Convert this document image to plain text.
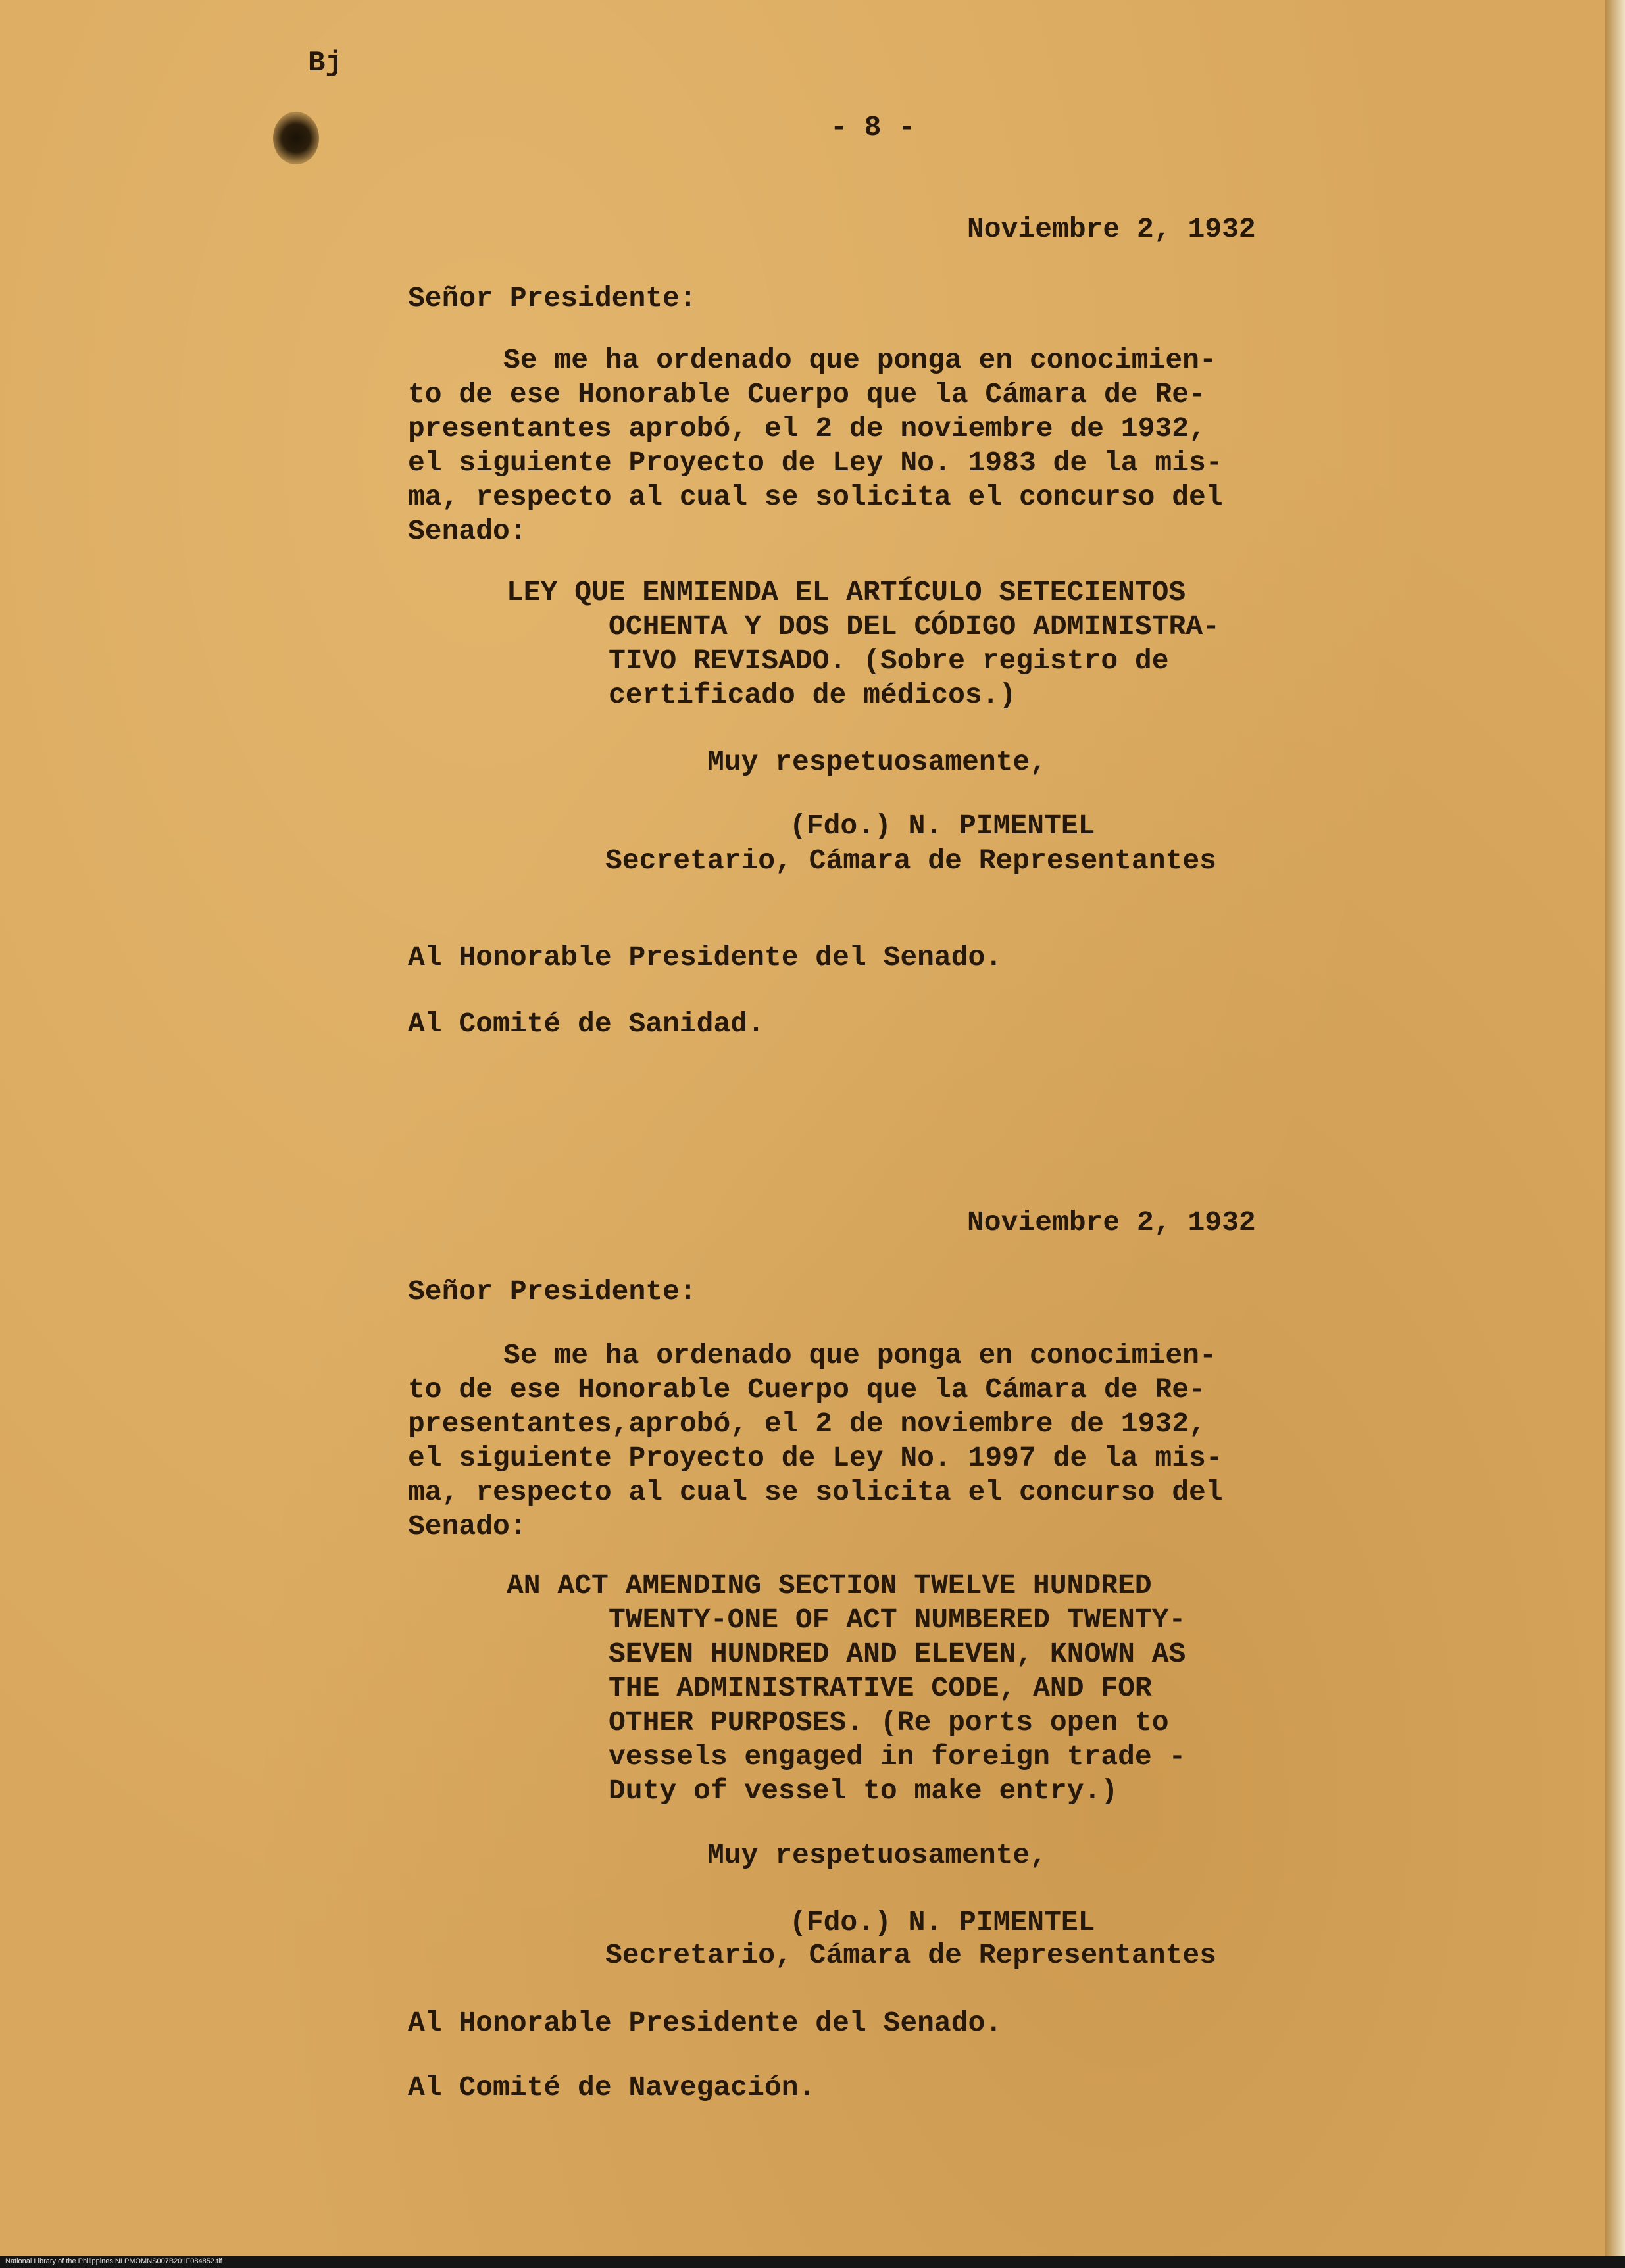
Bj
- 8 -
Noviembre 2, 1932
Señor Presidente:

Se me ha ordenado que ponga en conocimien-

to de ese Honorable Cuerpo que la Cámara de Re-

presentantes aprobó, el 2 de noviembre de 1932,

el siguiente Proyecto de Ley No. 1983 de la mis-

ma, respecto al cual se solicita el concurso del

Senado:

LEY QUE ENMIENDA EL ARTÍCULO SETECIENTOS

OCHENTA Y DOS DEL CÓDIGO ADMINISTRA-

TIVO REVISADO. (Sobre registro de

certificado de médicos.)

Muy respetuosamente,
(Fdo.) N. PIMENTEL
Secretario, Cámara de Representantes
Al Honorable Presidente del Senado.
Al Comité de Sanidad.
Noviembre 2, 1932
Señor Presidente:

Se me ha ordenado que ponga en conocimien-

to de ese Honorable Cuerpo que la Cámara de Re-

presentantes,aprobó, el 2 de noviembre de 1932,

el siguiente Proyecto de Ley No. 1997 de la mis-

ma, respecto al cual se solicita el concurso del

Senado:

AN ACT AMENDING SECTION TWELVE HUNDRED

TWENTY-ONE OF ACT NUMBERED TWENTY-

SEVEN HUNDRED AND ELEVEN, KNOWN AS

THE ADMINISTRATIVE CODE, AND FOR

OTHER PURPOSES. (Re ports open to

vessels engaged in foreign trade -

Duty of vessel to make entry.)

Muy respetuosamente,
(Fdo.) N. PIMENTEL
Secretario, Cámara de Representantes
Al Honorable Presidente del Senado.
Al Comité de Navegación.
National Library of the Philippines NLPMOMNS007B201F084852.tif
